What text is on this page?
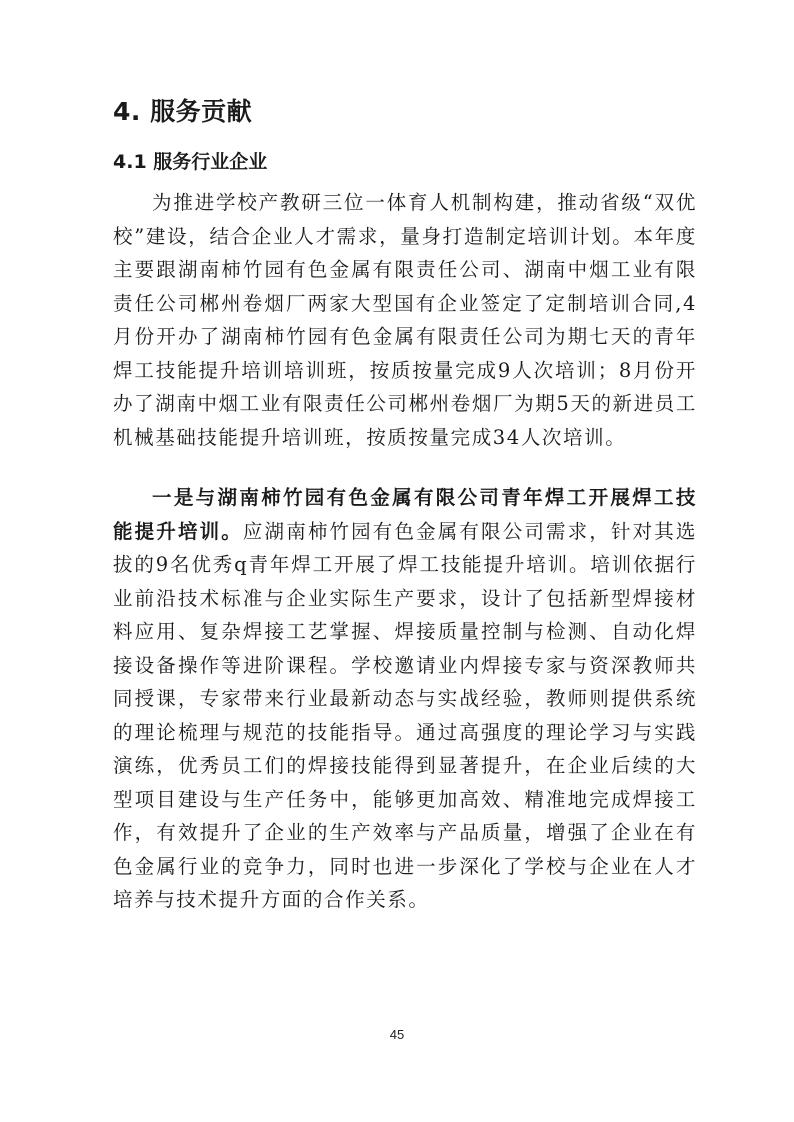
4. 服务贡献
4.1 服务行业企业

为推进学校产教研三位一体育人机制构建，推动省级“双优校”建设，结合企业人才需求，量身打造制定培训计划。本年度主要跟湖南柿竹园有色金属有限责任公司、湖南中烟工业有限责任公司郴州卷烟厂两家大型国有企业签定了定制培训合同,4月份开办了湖南柿竹园有色金属有限责任公司为期七天的青年焊工技能提升培训培训班，按质按量完成9人次培训；8月份开办了湖南中烟工业有限责任公司郴州卷烟厂为期5天的新进员工机械基础技能提升培训班，按质按量完成34人次培训。

一是与湖南柿竹园有色金属有限公司青年焊工开展焊工技能提升培训。应湖南柿竹园有色金属有限公司需求，针对其选拔的9名优秀q青年焊工开展了焊工技能提升培训。培训依据行业前沿技术标准与企业实际生产要求，设计了包括新型焊接材料应用、复杂焊接工艺掌握、焊接质量控制与检测、自动化焊接设备操作等进阶课程。学校邀请业内焊接专家与资深教师共同授课，专家带来行业最新动态与实战经验，教师则提供系统的理论梳理与规范的技能指导。通过高强度的理论学习与实践演练，优秀员工们的焊接技能得到显著提升，在企业后续的大型项目建设与生产任务中，能够更加高效、精准地完成焊接工作，有效提升了企业的生产效率与产品质量，增强了企业在有色金属行业的竞争力，同时也进一步深化了学校与企业在人才培养与技术提升方面的合作关系。

45
